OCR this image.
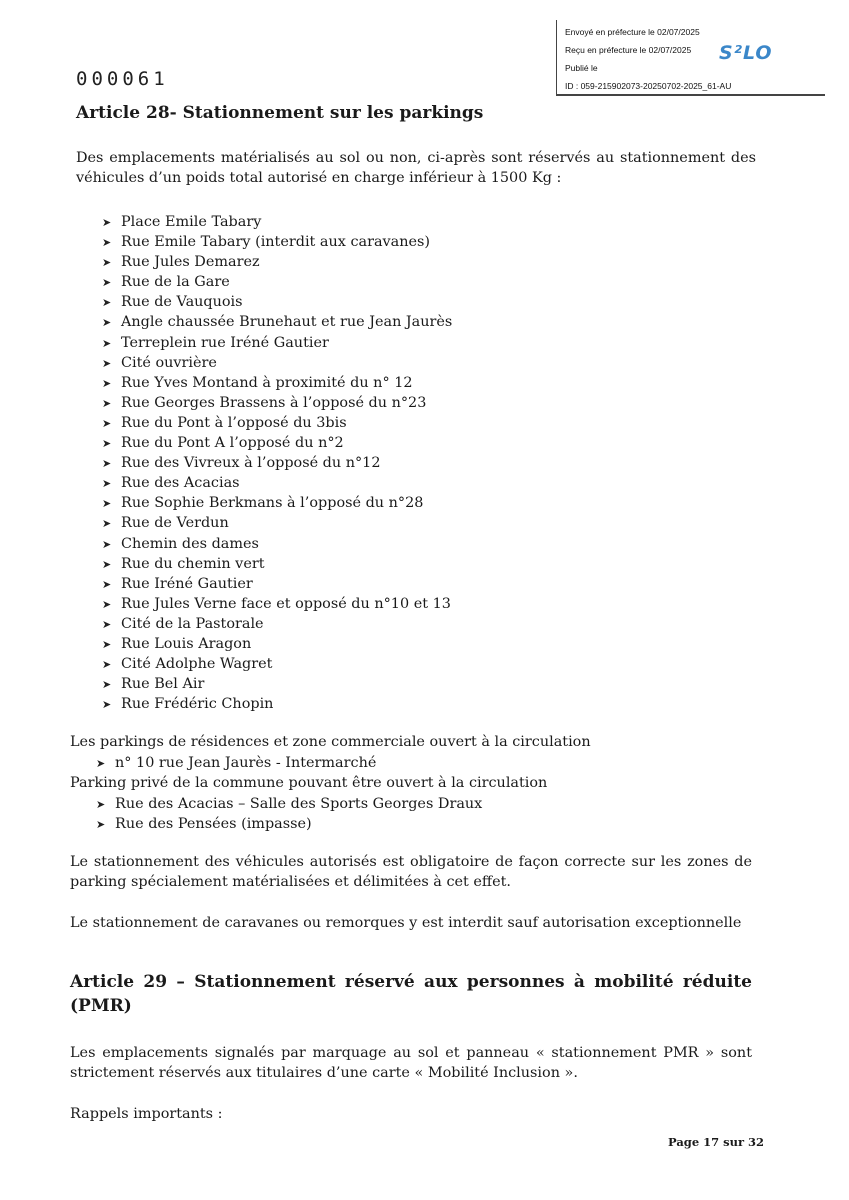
Envoyé en préfecture le 02/07/2025
Reçu en préfecture le 02/07/2025
Publié le
ID : 059-215902073-20250702-2025_61-AU
S²LO
000061
Article 28- Stationnement sur les parkings
Des emplacements matérialisés au sol ou non, ci-après sont réservés au stationnement des véhicules d’un poids total autorisé en charge inférieur à 1500 Kg :
➤ Place Emile Tabary
➤ Rue Emile Tabary (interdit aux caravanes)
➤ Rue Jules Demarez
➤ Rue de la Gare
➤ Rue de Vauquois
➤ Angle chaussée Brunehaut et rue Jean Jaurès
➤ Terreplein rue Iréné Gautier
➤ Cité ouvrière
➤ Rue Yves Montand à proximité du n° 12
➤ Rue Georges Brassens à l’opposé du n°23
➤ Rue du Pont à l’opposé du 3bis
➤ Rue du Pont A l’opposé du n°2
➤ Rue des Vivreux à l’opposé du n°12
➤ Rue des Acacias
➤ Rue Sophie Berkmans à l’opposé du n°28
➤ Rue de Verdun
➤ Chemin des dames
➤ Rue du chemin vert
➤ Rue Iréné Gautier
➤ Rue Jules Verne face et opposé du n°10 et 13
➤ Cité de la Pastorale
➤ Rue Louis Aragon
➤ Cité Adolphe Wagret
➤ Rue Bel Air
➤ Rue Frédéric Chopin
Les parkings de résidences et zone commerciale ouvert à la circulation
➤ n° 10 rue Jean Jaurès - Intermarché
Parking privé de la commune pouvant être ouvert à la circulation
➤ Rue des Acacias – Salle des Sports Georges Draux
➤ Rue des Pensées (impasse)
Le stationnement des véhicules autorisés est obligatoire de façon correcte sur les zones de parking spécialement matérialisées et délimitées à cet effet.
Le stationnement de caravanes ou remorques y est interdit sauf autorisation exceptionnelle
Article 29 – Stationnement réservé aux personnes à mobilité réduite (PMR)
Les emplacements signalés par marquage au sol et panneau « stationnement PMR » sont strictement réservés aux titulaires d’une carte « Mobilité Inclusion ».
Rappels importants :
Page 17 sur 32
